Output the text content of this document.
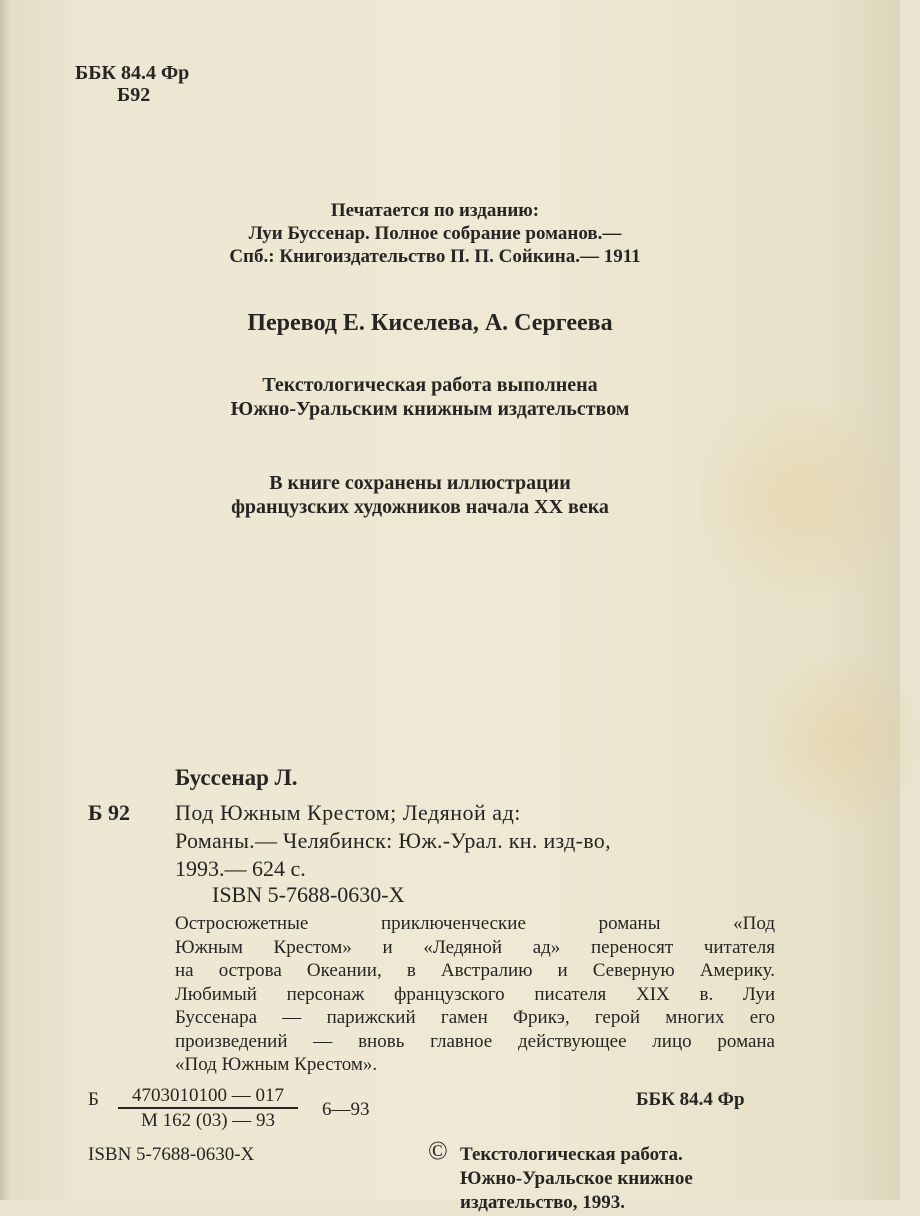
ББК 84.4 Фр
Б92
Печатается по изданию:
Луи Буссенар. Полное собрание романов.—
Спб.: Книгоиздательство П. П. Сойкина.— 1911
Перевод Е. Киселева, А. Сергеева
Текстологическая работа выполнена
Южно-Уральским книжным издательством
В книге сохранены иллюстрации
французских художников начала XX века
Буссенар Л.
Б 92 Под Южным Крестом; Ледяной ад:
Романы.— Челябинск: Юж.-Урал. кн. изд-во,
1993.— 624 с.
ISBN 5-7688-0630-X
Остросюжетные приключенческие романы «Под
Южным Крестом» и «Ледяной ад» переносят читателя
на острова Океании, в Австралию и Северную Америку.
Любимый персонаж французского писателя XIX в. Луи
Буссенара — парижский гамен Фрикэ, герой многих его
произведений — вновь главное действующее лицо романа
«Под Южным Крестом».
Б	4703010100 — 017
М 162 (03) — 93
6—93	ББК 84.4 Фр
ISBN 5-7688-0630-X	© Текстологическая работа.
Южно-Уральское книжное
издательство, 1993.
